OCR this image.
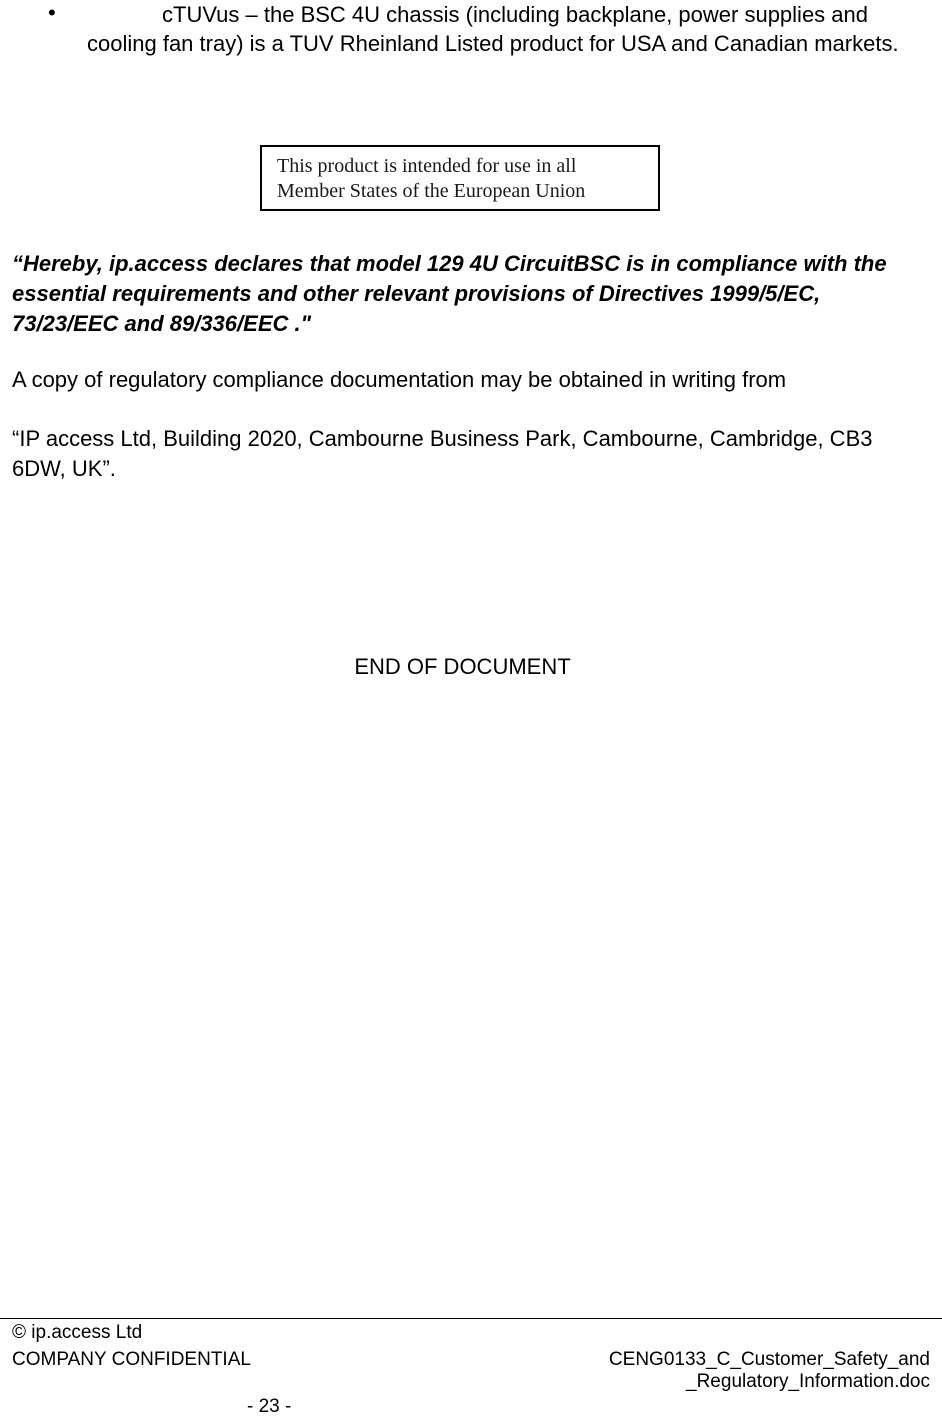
•	cTUVus – the BSC 4U chassis (including backplane, power supplies and cooling fan tray) is a TUV Rheinland Listed product for USA and Canadian markets.
This product is intended for use in all
Member States of the European Union
“Hereby, ip.access declares that model 129 4U CircuitBSC is in compliance with the essential requirements and other relevant provisions of Directives 1999/5/EC, 73/23/EEC and 89/336/EEC ."
A copy of regulatory compliance documentation may be obtained in writing from
“IP access Ltd, Building 2020, Cambourne Business Park, Cambourne, Cambridge, CB3 6DW, UK”.
END OF DOCUMENT
© ip.access Ltd
COMPANY CONFIDENTIAL	CENG0133_C_Customer_Safety_and
_Regulatory_Information.doc
- 23 -
